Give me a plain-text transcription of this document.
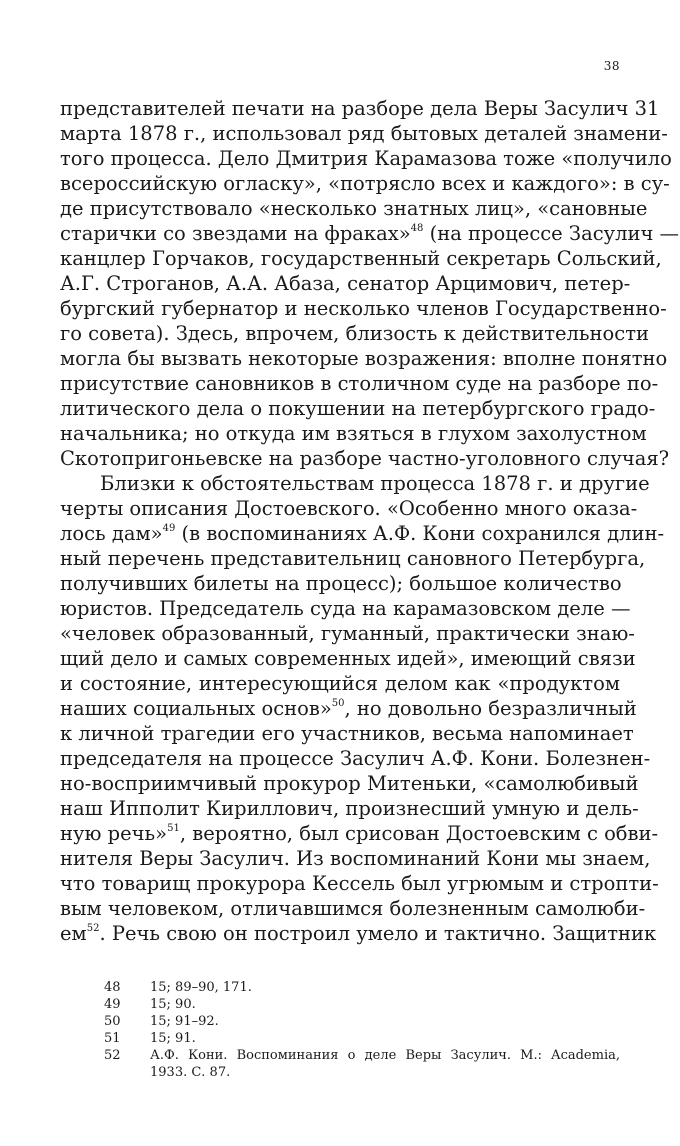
38
представителей печати на разборе дела Веры Засулич 31
марта 1878 г., использовал ряд бытовых деталей знамени-
того процесса. Дело Дмитрия Карамазова тоже «получило
всероссийскую огласку», «потрясло всех и каждого»: в су-
де присутствовало «несколько знатных лиц», «сановные
старички со звездами на фраках»$^{48}$ (на процессе Засулич —
канцлер Горчаков, государственный секретарь Сольский,
А.Г. Строганов, А.А. Абаза, сенатор Арцимович, петер-
бургский губернатор и несколько членов Государственно-
го совета). Здесь, впрочем, близость к действительности
могла бы вызвать некоторые возражения: вполне понятно
присутствие сановников в столичном суде на разборе по-
литического дела о покушении на петербургского градо-
начальника; но откуда им взяться в глухом захолустном
Скотопригоньевске на разборе частно-уголовного случая?
Близки к обстоятельствам процесса 1878 г. и другие
черты описания Достоевского. «Особенно много оказа-
лось дам»$^{49}$ (в воспоминаниях А.Ф. Кони сохранился длин-
ный перечень представительниц сановного Петербурга,
получивших билеты на процесс); большое количество
юристов. Председатель суда на карамазовском деле —
«человек образованный, гуманный, практически знаю-
щий дело и самых современных идей», имеющий связи
и состояние, интересующийся делом как «продуктом
наших социальных основ»$^{50}$, но довольно безразличный
к личной трагедии его участников, весьма напоминает
председателя на процессе Засулич А.Ф. Кони. Болезнен-
но-восприимчивый прокурор Митеньки, «самолюбивый
наш Ипполит Кириллович, произнесший умную и дель-
ную речь»$^{51}$, вероятно, был срисован Достоевским с обви-
нителя Веры Засулич. Из воспоминаний Кони мы знаем,
что товарищ прокурора Кессель был угрюмым и стропти-
вым человеком, отличавшимся болезненным самолюби-
ем$^{52}$. Речь свою он построил умело и тактично. Защитник
48	15; 89–90, 171.
49	15; 90.
50	15; 91–92.
51	15; 91.
52	А.Ф. Кони. Воспоминания о деле Веры Засулич. М.: Academia,
1933. С. 87.
